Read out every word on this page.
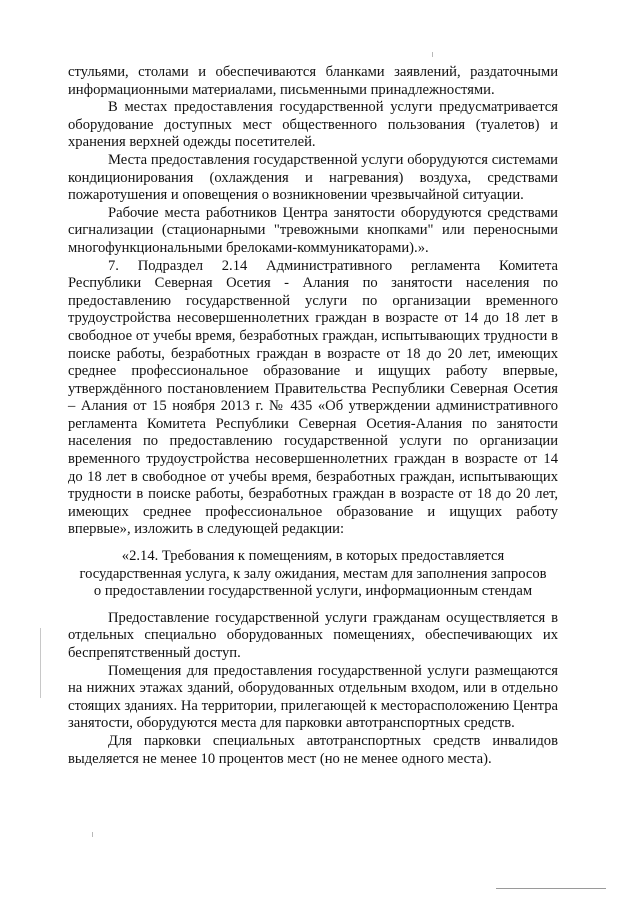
стульями, столами и обеспечиваются бланками заявлений, раздаточными информационными материалами, письменными принадлежностями.

В местах предоставления государственной услуги предусматривается оборудование доступных мест общественного пользования (туалетов) и хранения верхней одежды посетителей.

Места предоставления государственной услуги оборудуются системами кондиционирования (охлаждения и нагревания) воздуха, средствами пожаротушения и оповещения о возникновении чрезвычайной ситуации.

Рабочие места работников Центра занятости оборудуются средствами сигнализации (стационарными "тревожными кнопками" или переносными многофункциональными брелоками-коммуникаторами).».

7. Подраздел 2.14 Административного регламента Комитета Республики Северная Осетия - Алания по занятости населения по предоставлению государственной услуги по организации временного трудоустройства несовершеннолетних граждан в возрасте от 14 до 18 лет в свободное от учебы время, безработных граждан, испытывающих трудности в поиске работы, безработных граждан в возрасте от 18 до 20 лет, имеющих среднее профессиональное образование и ищущих работу впервые, утверждённого постановлением Правительства Республики Северная Осетия – Алания от 15 ноября 2013 г. № 435 «Об утверждении административного регламента Комитета Республики Северная Осетия-Алания по занятости населения по предоставлению государственной услуги по организации временного трудоустройства несовершеннолетних граждан в возрасте от 14 до 18 лет в свободное от учебы время, безработных граждан, испытывающих трудности в поиске работы, безработных граждан в возрасте от 18 до 20 лет, имеющих среднее профессиональное образование и ищущих работу впервые», изложить в следующей редакции:

«2.14. Требования к помещениям, в которых предоставляется

государственная услуга, к залу ожидания, местам для заполнения запросов

о предоставлении государственной услуги, информационным стендам

Предоставление государственной услуги гражданам осуществляется в отдельных специально оборудованных помещениях, обеспечивающих их беспрепятственный доступ.

Помещения для предоставления государственной услуги размещаются на нижних этажах зданий, оборудованных отдельным входом, или в отдельно стоящих зданиях. На территории, прилегающей к месторасположению Центра занятости, оборудуются места для парковки автотранспортных средств.

Для парковки специальных автотранспортных средств инвалидов выделяется не менее 10 процентов мест (но не менее одного места).
